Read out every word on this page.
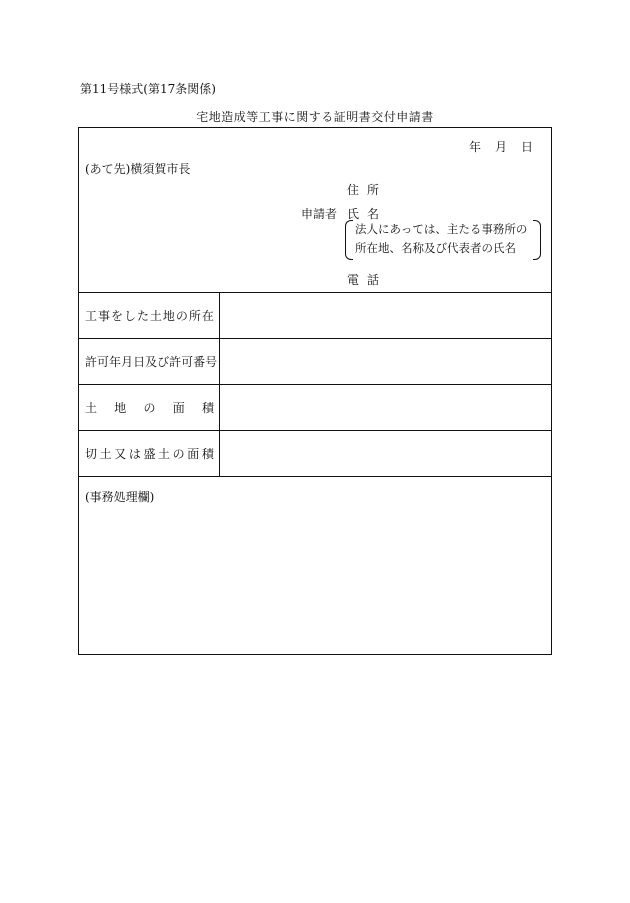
第11号様式(第17条関係)
宅地造成等工事に関する証明書交付申請書
年 月 日
(あて先)横須賀市長
住所
申請者 氏名
法人にあっては、主たる事務所の
所在地、名称及び代表者の氏名
電話
工 事 を し た 土 地 の 所 在
許 可 年 月 日 及 び 許 可 番 号
土 地 の 面 積
切 土 又 は 盛 土 の 面 積
(事務処理欄)
